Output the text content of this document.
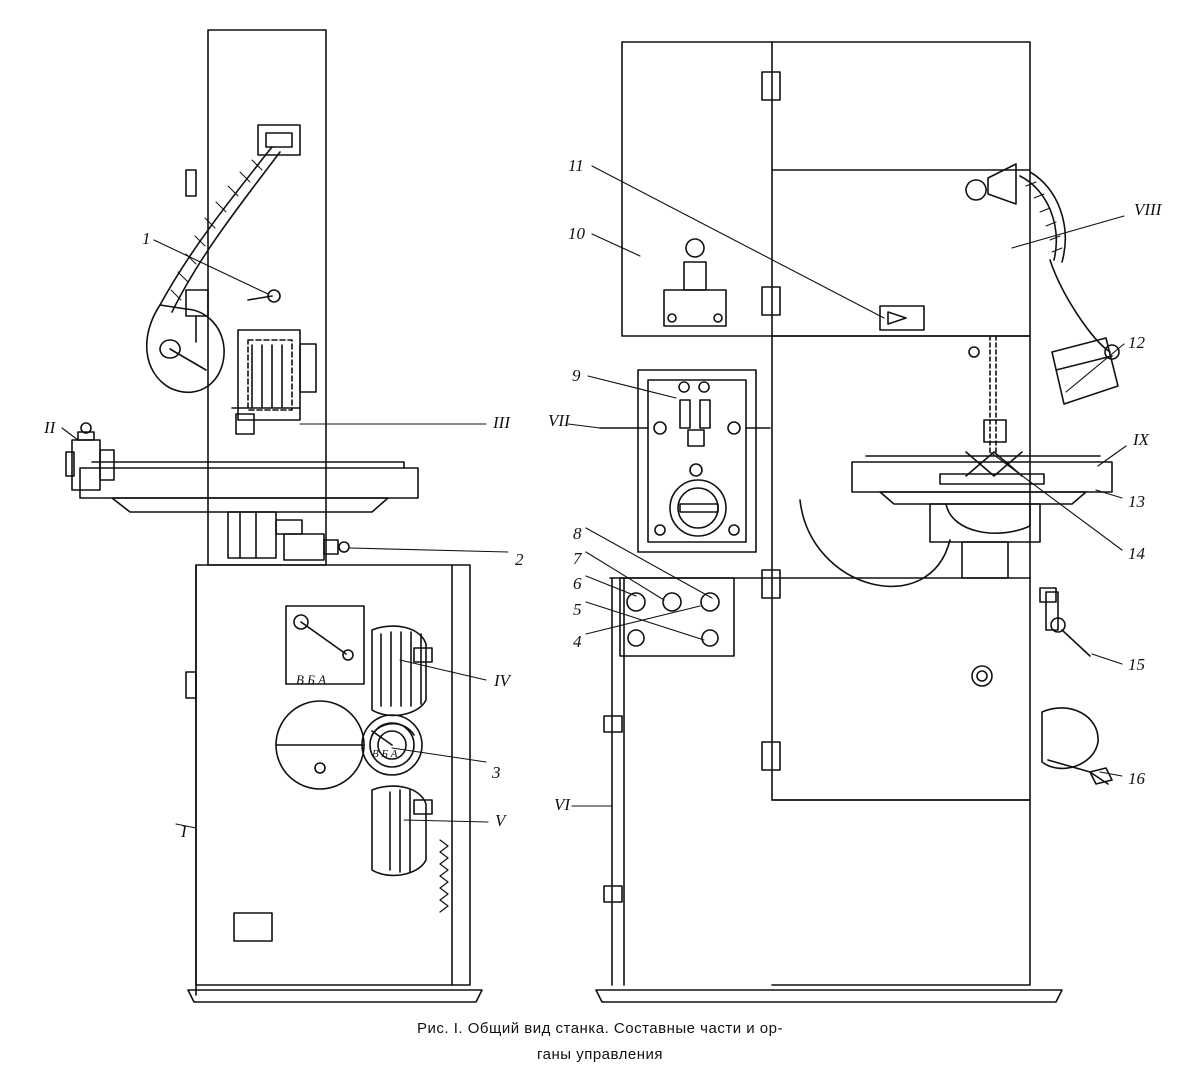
В Б А
В Б А
1
2
3
4
5
6
7
8
I
II	III
IV
V
VI
VII
9
10
11
12
13
14
15
16
VIII
IX
Рис. I. Общий вид станка. Составные части и ор-
ганы управления
